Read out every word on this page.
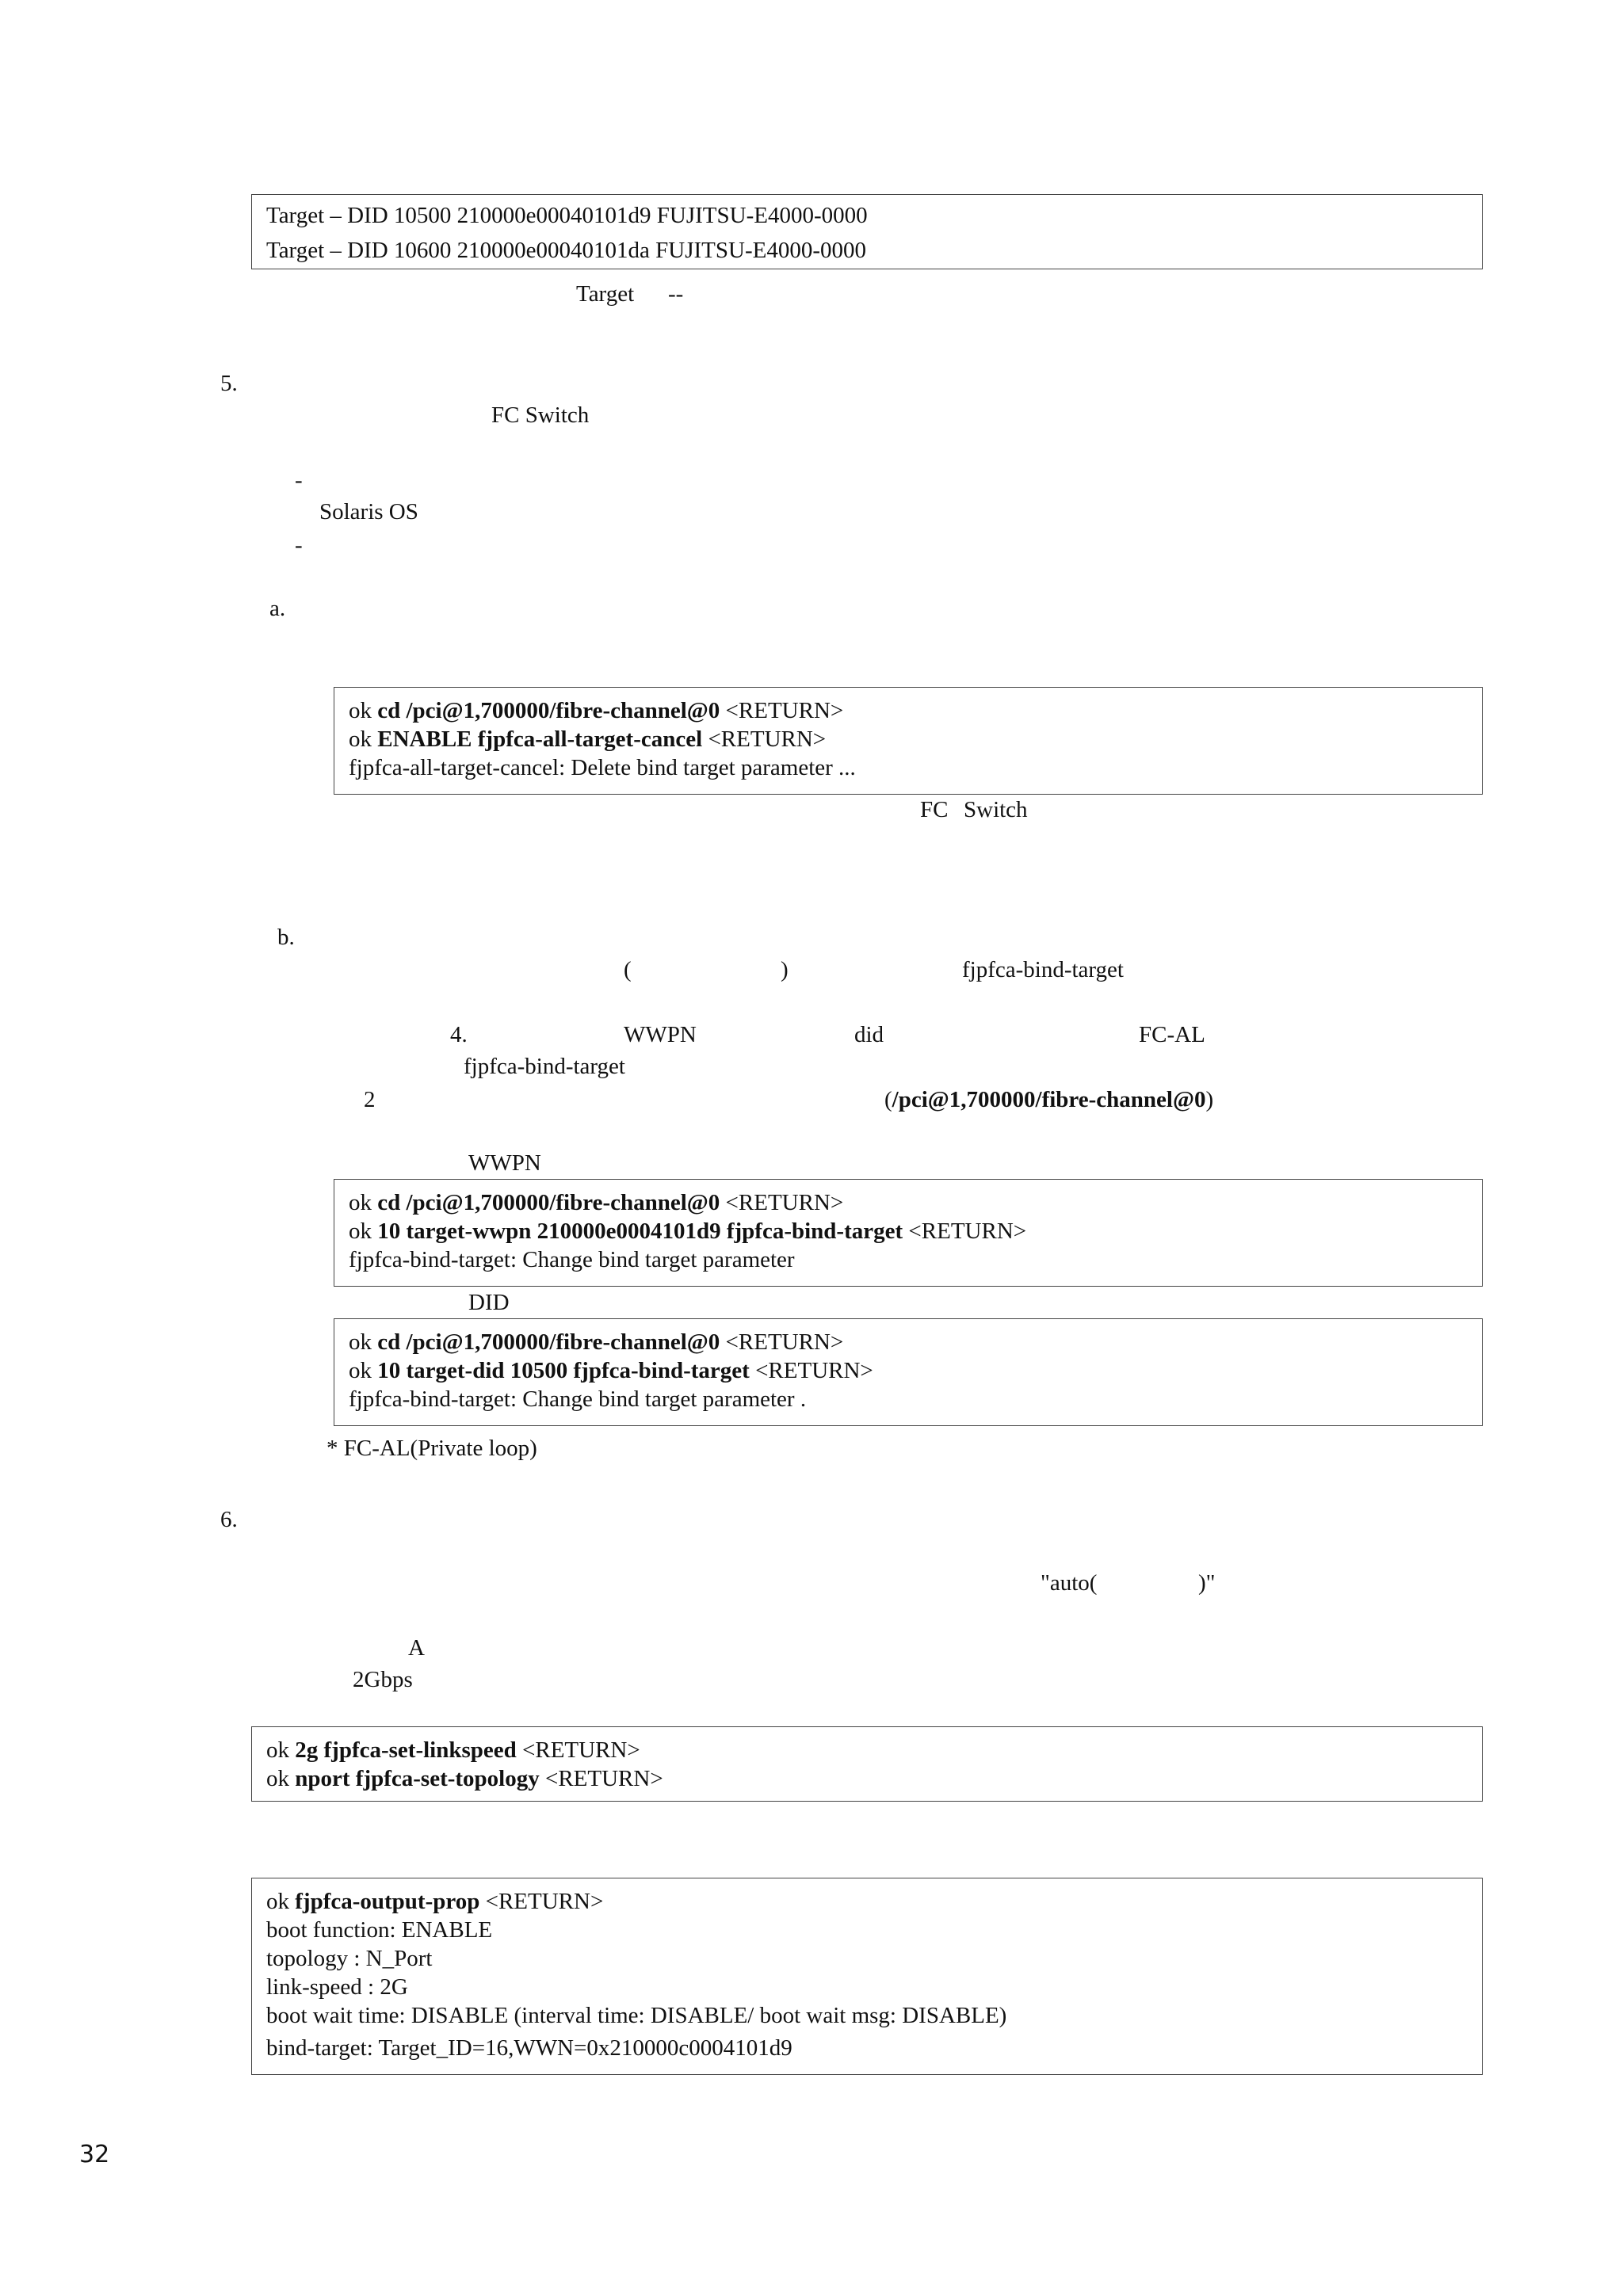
Target – DID 10500 210000e00040101d9 FUJITSU-E4000-0000
Target – DID 10600 210000e00040101da FUJITSU-E4000-0000
Target --
5.
FC Switch
-
Solaris OS
-
a.
ok cd /pci@1,700000/fibre-channel@0 <RETURN>
ok ENABLE fjpfca-all-target-cancel <RETURN>
fjpfca-all-target-cancel: Delete bind target parameter ...
FC Switch
b.
(	)	fjpfca-bind-target
4.	WWPN	did	FC-AL
fjpfca-bind-target
2	(/pci@1,700000/fibre-channel@0)
WWPN
ok cd /pci@1,700000/fibre-channel@0 <RETURN>
ok 10 target-wwpn 210000e0004101d9 fjpfca-bind-target <RETURN>
fjpfca-bind-target: Change bind target parameter
DID
ok cd /pci@1,700000/fibre-channel@0 <RETURN>
ok 10 target-did 10500 fjpfca-bind-target <RETURN>
fjpfca-bind-target: Change bind target parameter .
* FC-AL(Private loop)
6.
"auto(	)"
A
2Gbps
ok 2g fjpfca-set-linkspeed <RETURN>
ok nport fjpfca-set-topology <RETURN>
ok fjpfca-output-prop <RETURN>
boot function: ENABLE
topology : N_Port
link-speed : 2G
boot wait time: DISABLE (interval time: DISABLE/ boot wait msg: DISABLE)
bind-target: Target_ID=16,WWN=0x210000c0004101d9
32
